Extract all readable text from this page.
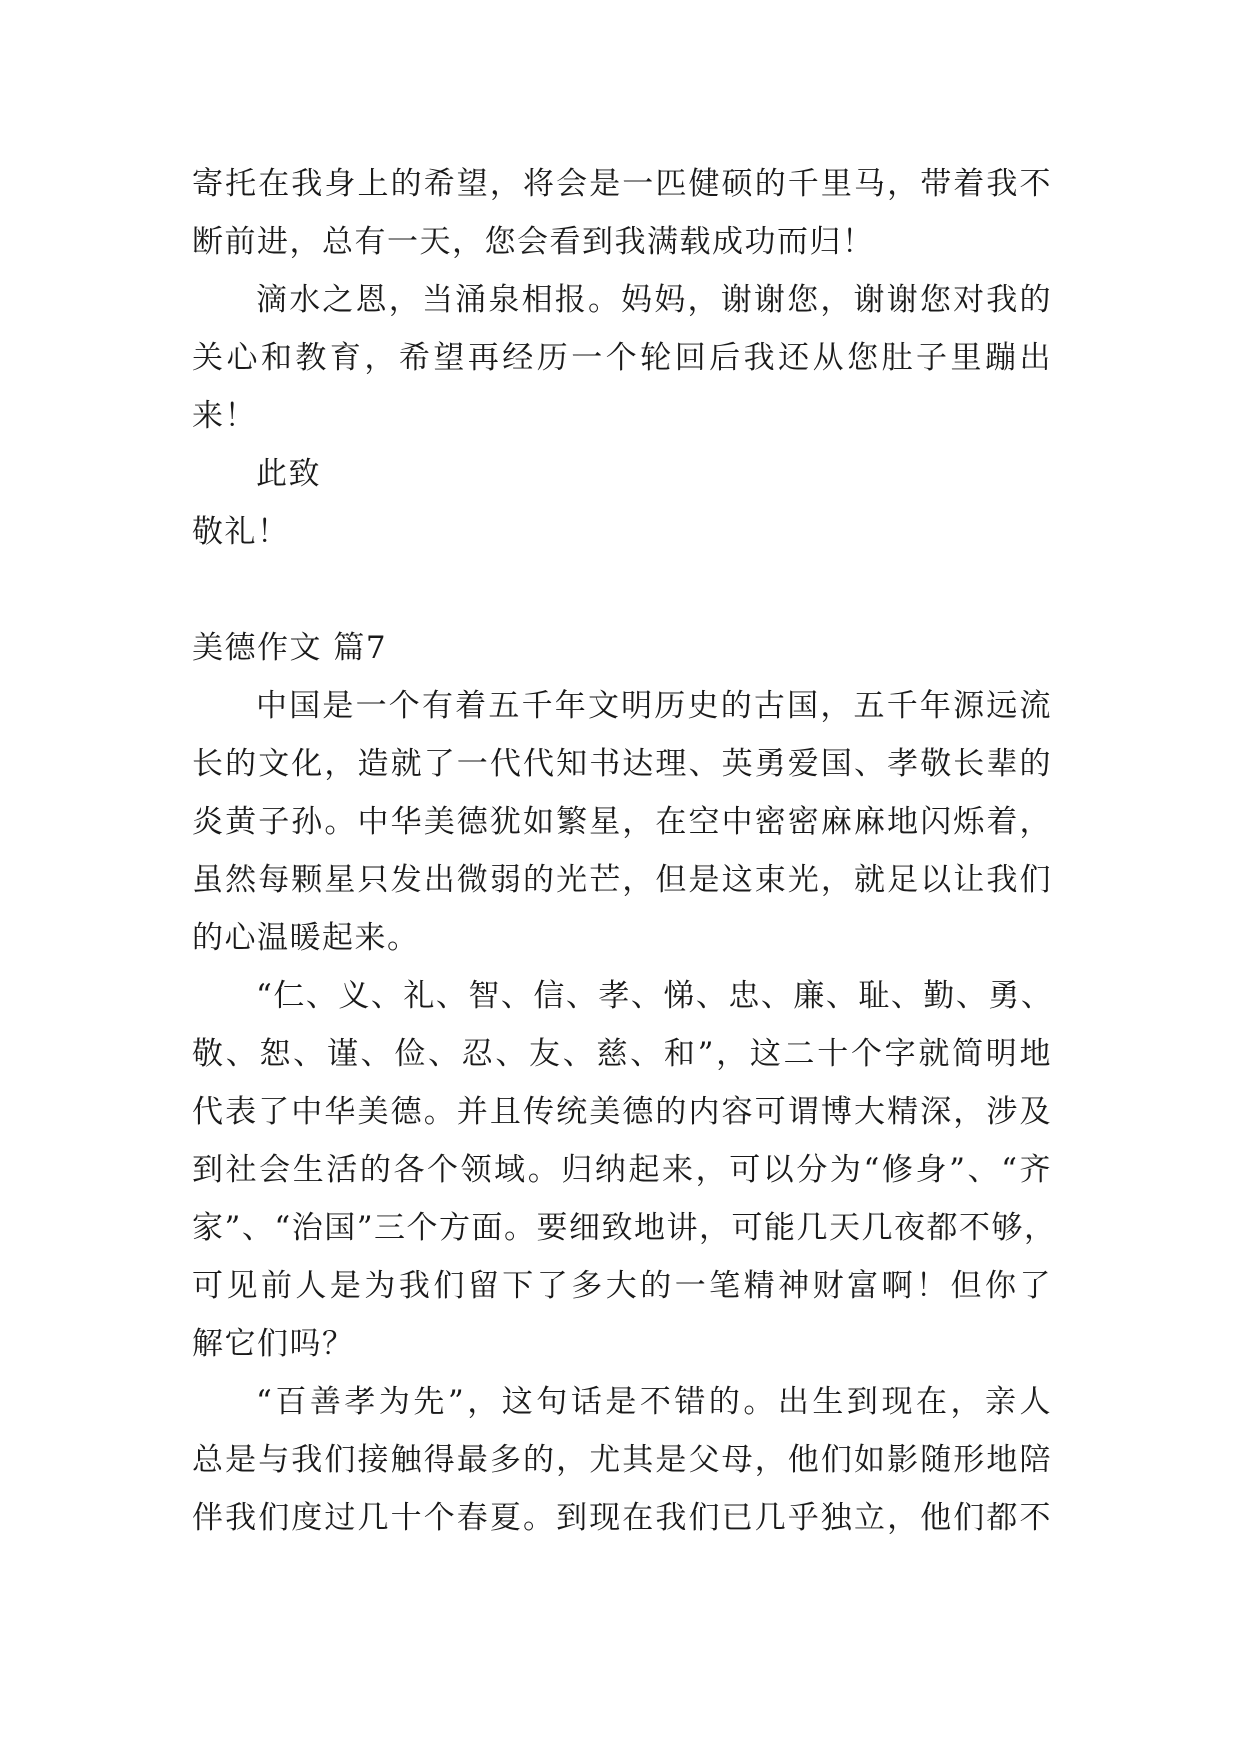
寄托在我身上的希望，将会是一匹健硕的千里马，带着我不
断前进，总有一天，您会看到我满载成功而归！
滴水之恩，当涌泉相报。妈妈，谢谢您，谢谢您对我的
关心和教育，希望再经历一个轮回后我还从您肚子里蹦出
来！
此致
敬礼！
美德作文 篇7
中国是一个有着五千年文明历史的古国，五千年源远流
长的文化，造就了一代代知书达理、英勇爱国、孝敬长辈的
炎黄子孙。中华美德犹如繁星，在空中密密麻麻地闪烁着，
虽然每颗星只发出微弱的光芒，但是这束光，就足以让我们
的心温暖起来。
“仁、义、礼、智、信、孝、悌、忠、廉、耻、勤、勇、
敬、恕、谨、俭、忍、友、慈、和”，这二十个字就简明地
代表了中华美德。并且传统美德的内容可谓博大精深，涉及
到社会生活的各个领域。归纳起来，可以分为“修身”、“齐
家”、“治国”三个方面。要细致地讲，可能几天几夜都不够，
可见前人是为我们留下了多大的一笔精神财富啊！但你了
解它们吗？
“百善孝为先”，这句话是不错的。出生到现在，亲人
总是与我们接触得最多的，尤其是父母，他们如影随形地陪
伴我们度过几十个春夏。到现在我们已几乎独立，他们都不
